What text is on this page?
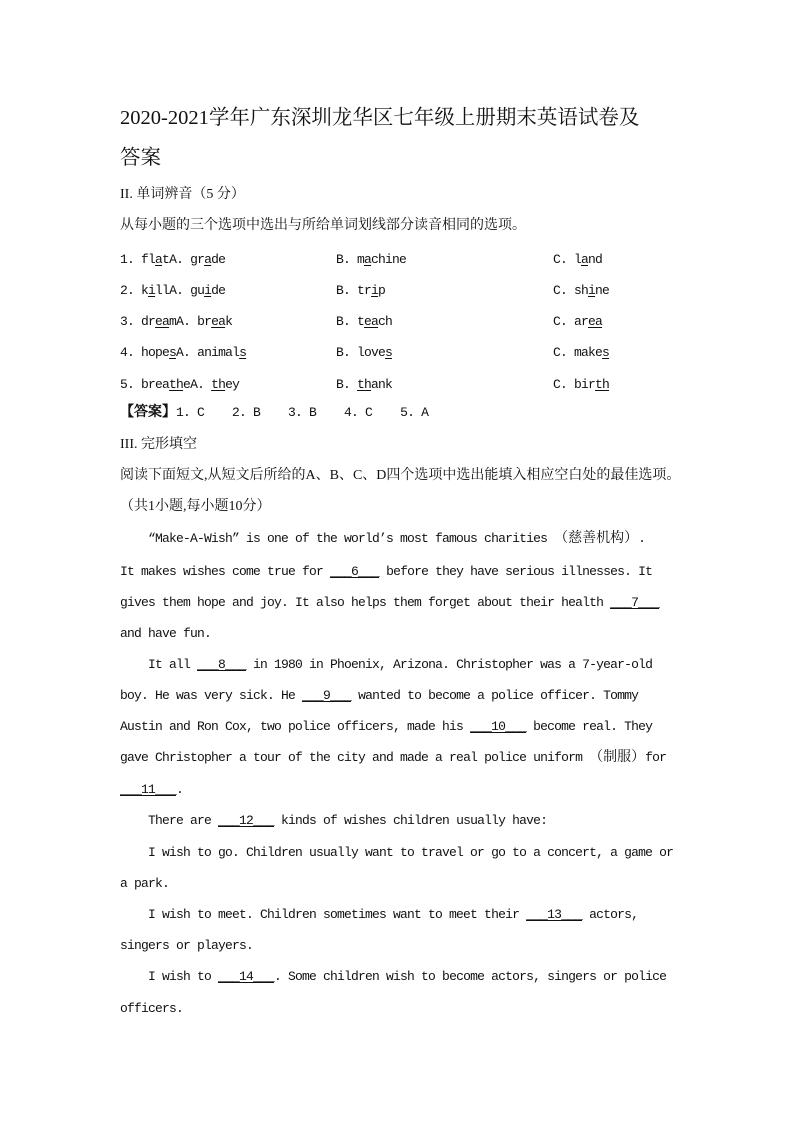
2020-2021学年广东深圳龙华区七年级上册期末英语试卷及
答案
II. 单词辨音（5 分）
从每小题的三个选项中选出与所给单词划线部分读音相同的选项。
1. flat A. grade	B. machine	C. land
2. kill A. guide	B. trip	C. shine
3. dream A. break	B. teach	C. area
4. hopes A. animals	B. loves	C. makes
5. breathe A. they	B. thank	C. birth
【答案】 1. C 2. B 3. B 4. C 5. A
III. 完形填空
阅读下面短文,从短文后所给的A、B、C、D四个选项中选出能填入相应空白处的最佳选项。
（共1小题,每小题10分）
“Make-A-Wish” is one of the world’s most famous charities （慈善机构） .
It makes wishes come true for ___6___ before they have serious illnesses. It
gives them hope and joy. It also helps them forget about their health ___7___
and have fun.
It all ___8___ in 1980 in Phoenix, Arizona. Christopher was a 7-year-old
boy. He was very sick. He ___9___ wanted to become a police officer. Tommy
Austin and Ron Cox, two police officers, made his ___10___ become real. They
gave Christopher a tour of the city and made a real police uniform （制服） for
___11___ .
There are ___12___ kinds of wishes children usually have:
I wish to go. Children usually want to travel or go to a concert, a game or
a park.
I wish to meet. Children sometimes want to meet their ___13___ actors,
singers or players.
I wish to ___14___ . Some children wish to become actors, singers or police
officers.
